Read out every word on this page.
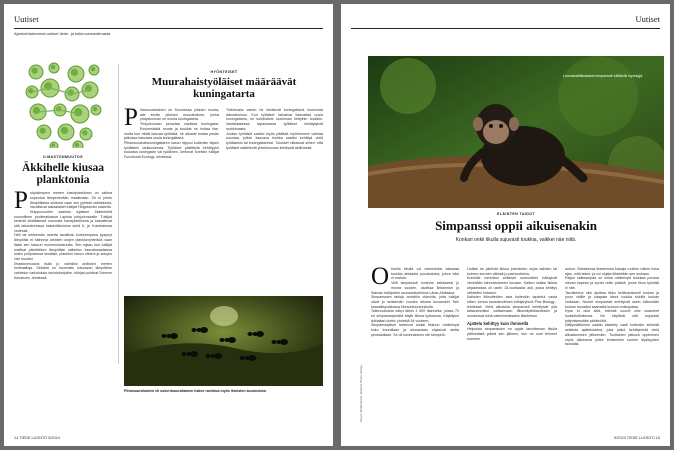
Uutiset
Ajankohtaisimmat uutiset tiede- ja tutkimusmaailmasta
ILMASTONMUUTOS
Äkkihelle kiusaa planktonia
Pohjoisimpien merten kasviplanktonin on vaikea sopeutua lämpenevään maailmaan. Se ei johdu lämpötilasta sinänsä vaan sen jyrkistä vaihteluista, havaitsivat saksalaiset tutkijat Helgolandin saarella.
Huippuvuorten saaristo sijaitsee Jäämerellä suunnilleen puolimatkassa Lapista pohjoisnavalle. Tutkijat kerävät sikäläisestä vuonosta kasviplanktonia ja kasvattivat sitä laboratoriossa kaksiviikkoisina sekä 6- ja 9-asteisessa vedessä.
Heti tai seitsemän astetta tavallista korkeampana pysynyt lämpötila ei häirinnyt arktisen olojen planktonyhteisöä vaan lisäsi sen kasvun monimuotoisuutta. Sen sijaan kun tutkijat mallivat päivittäisen lämpötilan vaihtelun kasvatusastiassa kuten pohjoisessa kesäisin, plankton kasvu väheni ja solujen väri muuttui.
Ilmastonmuutos lisää jo valmiiksi arktisten merten helleaaltoja. Selvästi on huomattu kasvavan lämpötilan vaihtelun vaikutuksia ravintoketjuihin, tutkijat pohtivat Science Advances -lehdessä.
HYÖNTEISET
Muurahaistyöläiset määräävät kuningatarta
Pihamuurahainen on Suomessa yleinen muuta, alle sentin pituinen muurahainen, jonka yhdyskunnan on monta kuningatarta.
Yhdyskunnan perustaa vaeltava kuningatar. Ensimmäisiä munia ja toukkia se hoitaa itse, mutta kun niistä kasvaa työläisiä, ne alkavat hoitaa pesän jatkossa kasvavia uusia kuningattaria.
Pihamuurahaiskuningattaren kasvu riippuu kuitenkin täysin työläisten tarkkuudesta. Työläiset päättävät kehittyykö toukasta kuningatar vai työläinen, kertovat Sveitsin tutkijat Functional Ecology -lehdessä.
Tutkimusta varten he keräsivät kuningattaria luonnosta laboratorioon. Kun työläiset halusivat kasvattaa uusia kuningattaria, ne kohdistivat ruokinnan tiettyihin toukkiin. Vastakkaisissa tapauksissa työläiset kieltäytyivät ruokkimasta.
Joukko työläisiä saattoi myös päättää myöhemmin vaihtaa suuntaa, jolloin kasvava toukka saattoi kehittyä vielä työläiseksi tai kuningattareksi. Tulokset viittaavat siihen, että työläiset säätelevät yhteiskunnan kehitystä aktiivisesti.
Pihamuurahainen eli sokerimuurahainen hakee ravintoa myös ihmisten asunnoista.
14 TIEDE LUONTO 5/2024
Uutiset
Lounaisafrikkalaiset simpanssit välttävät myrskyjä.
ELÄINTEN TAIDOT
Simpanssi oppii aikuisenakin
Konkari onkii tikulla sujuvasti toukkia, vaikkei näe niitä.
Kuvat: Shutterstock, Science Photo Library
Ohuella tikulla voi esimerkiksi kalastaa toukkia ahtaasta puunkolosta, johon käsi ei mahdu.
Villit simpanssit tuntevat sellaiseksi jo monta vuoden, osoittaa Britannian ja Saksan tutkijoiden seurantatutkimus Länsi-Afrikassa.
Simpanssien taitoja arvioitiin videoilla, joita tutkijat olivat jo seitsemän vuoden aikana kuvanneet Taïn kansallispuistossa Norsunluurannikolla.
Tallennuksista näkyi lähes 1 500 tilannetta, joissa 70 eri simpanssiyksilöä käytti tikkua työkaluna. Käyttäjien ikähaitari ulottui yhdestä 54 vuoteen.
Simpanssipiiset tarttuivat aluksi tikkuun melkeinpä koko kourallaan ja ainoastaan ohjasivat otetta peukalollaan. Se oli sovinnaiseen ote kömpelö.
Lisäksi ne pitelivät tikkua jotenkuten myös kahden tai kolmen sormen välissä jo parivuotiaina.
Kuinsilla tommiksi sellaiset sormiotteet edistyivät viereltään kiinnostukseen kuvaan. Kaiken lisäksi tikkua ohjaamassa oli usein 15-vuotiaaksi asti, jossa kehitys vähitellen hidastui.
Kaikkien liitinotteiden asia kuitenkin tapahtui vasta sitten, kertoo kansainvälinen tutkijaryhmä Plos Biology -lehdessä. Vielä aikuisina simpanssit kehittyivät yhä taitavammiksi valitsemaan tilkuntäyttötilanteisiin ja onnistuivat siinä vaikeimmissakin tilanteissa.
Ajattelu kehittyy kuin ihmisellä
Helpoista simpanssien on oppia taivuttaman tikulla pähkinästä ydintä sen jälkeen, kun ne ovat tehneet kuoreen
aukon. Sellaisessa tilanteessa kaivaja ruulloin näkee kuka ajan, mitä tekee, ja voi ohjata liikkeitään sen mukaan.
Paljon vaikeampaa on onkia melkeinpä toukkaa puussa olevan kapean ja syvän reiän pääslä, jonne tikun työntää ei näe.
Tavoitteena olisi ajoittaa tikku hellävaraisesti toukan ja puun välille ja kaapata kiinni toukka riskillä toukan luokkaan. Nuoret simpanssit erehtyivät usein tökkimään toukan muusiksi saamatta kunnon makupalaa.
Kyse ei ollut siitä, etteivät nuoret olisi osanneet luokkeistiloitensa. Ne käyttivät sitä sujuvasti tyttymisessään pähkinöitä.
Näkymättömien saaliin käsittely vaati kuitenkin selkeää sellaista ajattelutaitoa, joka jatkoi kehittymistä vielä aikuistumisen jälkeenkin. Tuollainen jatkuva oppiminen myös aikuisena piilee ihmisenkin suuren älykkyyden taustalla.
5/2024 TIEDE LUONTO 15
